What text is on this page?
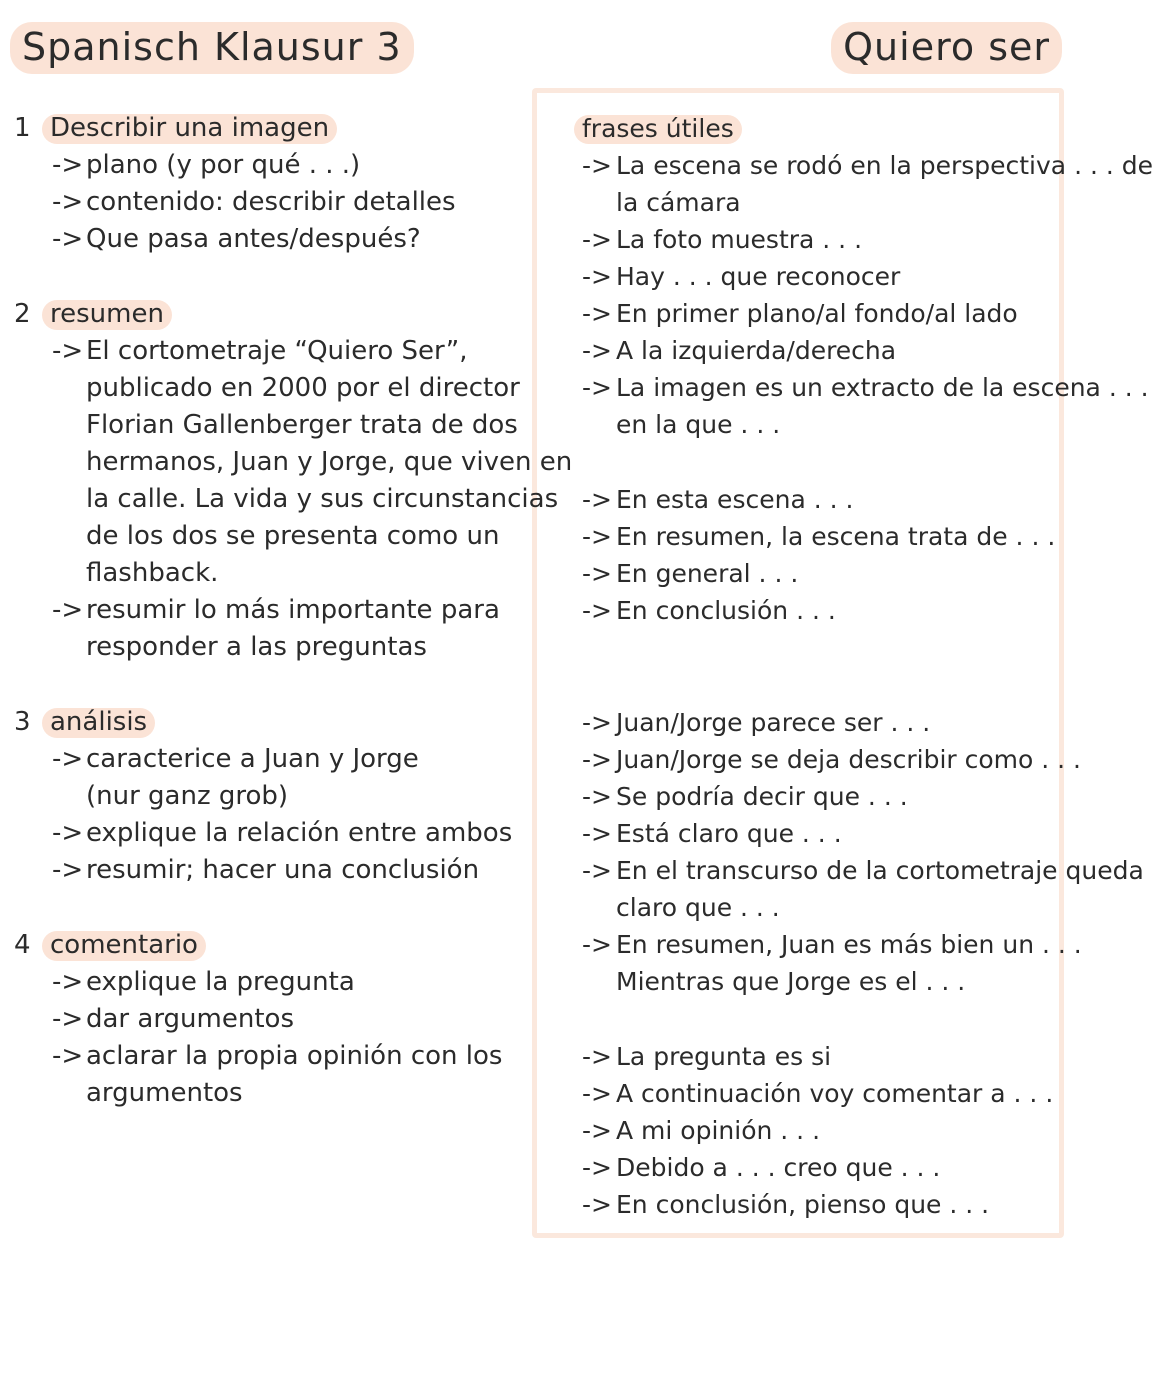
Spanisch Klausur 3	Quiero ser
1 Describir una imagen
-> plano (y por qué . . .)
-> contenido: describir detalles
-> Que pasa antes/después?
2 resumen
-> El cortometraje “Quiero Ser”,
publicado en 2000 por el director
Florian Gallenberger trata de dos
hermanos, Juan y Jorge, que viven en
la calle. La vida y sus circunstancias
de los dos se presenta como un
flashback.
-> resumir lo más importante para
responder a las preguntas
3 análisis
-> caracterice a Juan y Jorge
(nur ganz grob)
-> explique la relación entre ambos
-> resumir; hacer una conclusión
4 comentario
-> explique la pregunta
-> dar argumentos
-> aclarar la propia opinión con los
argumentos
frases útiles
-> La escena se rodó en la perspectiva . . . de
la cámara
-> La foto muestra . . .
-> Hay . . . que reconocer
-> En primer plano/al fondo/al lado
-> A la izquierda/derecha
-> La imagen es un extracto de la escena . . .
en la que . . .
-> En esta escena . . .
-> En resumen, la escena trata de . . .
-> En general . . .
-> En conclusión . . .
-> Juan/Jorge parece ser . . .
-> Juan/Jorge se deja describir como . . .
-> Se podría decir que . . .
-> Está claro que . . .
-> En el transcurso de la cortometraje queda
claro que . . .
-> En resumen, Juan es más bien un . . .
Mientras que Jorge es el . . .
-> La pregunta es si
-> A continuación voy comentar a . . .
-> A mi opinión . . .
-> Debido a . . . creo que . . .
-> En conclusión, pienso que . . .
